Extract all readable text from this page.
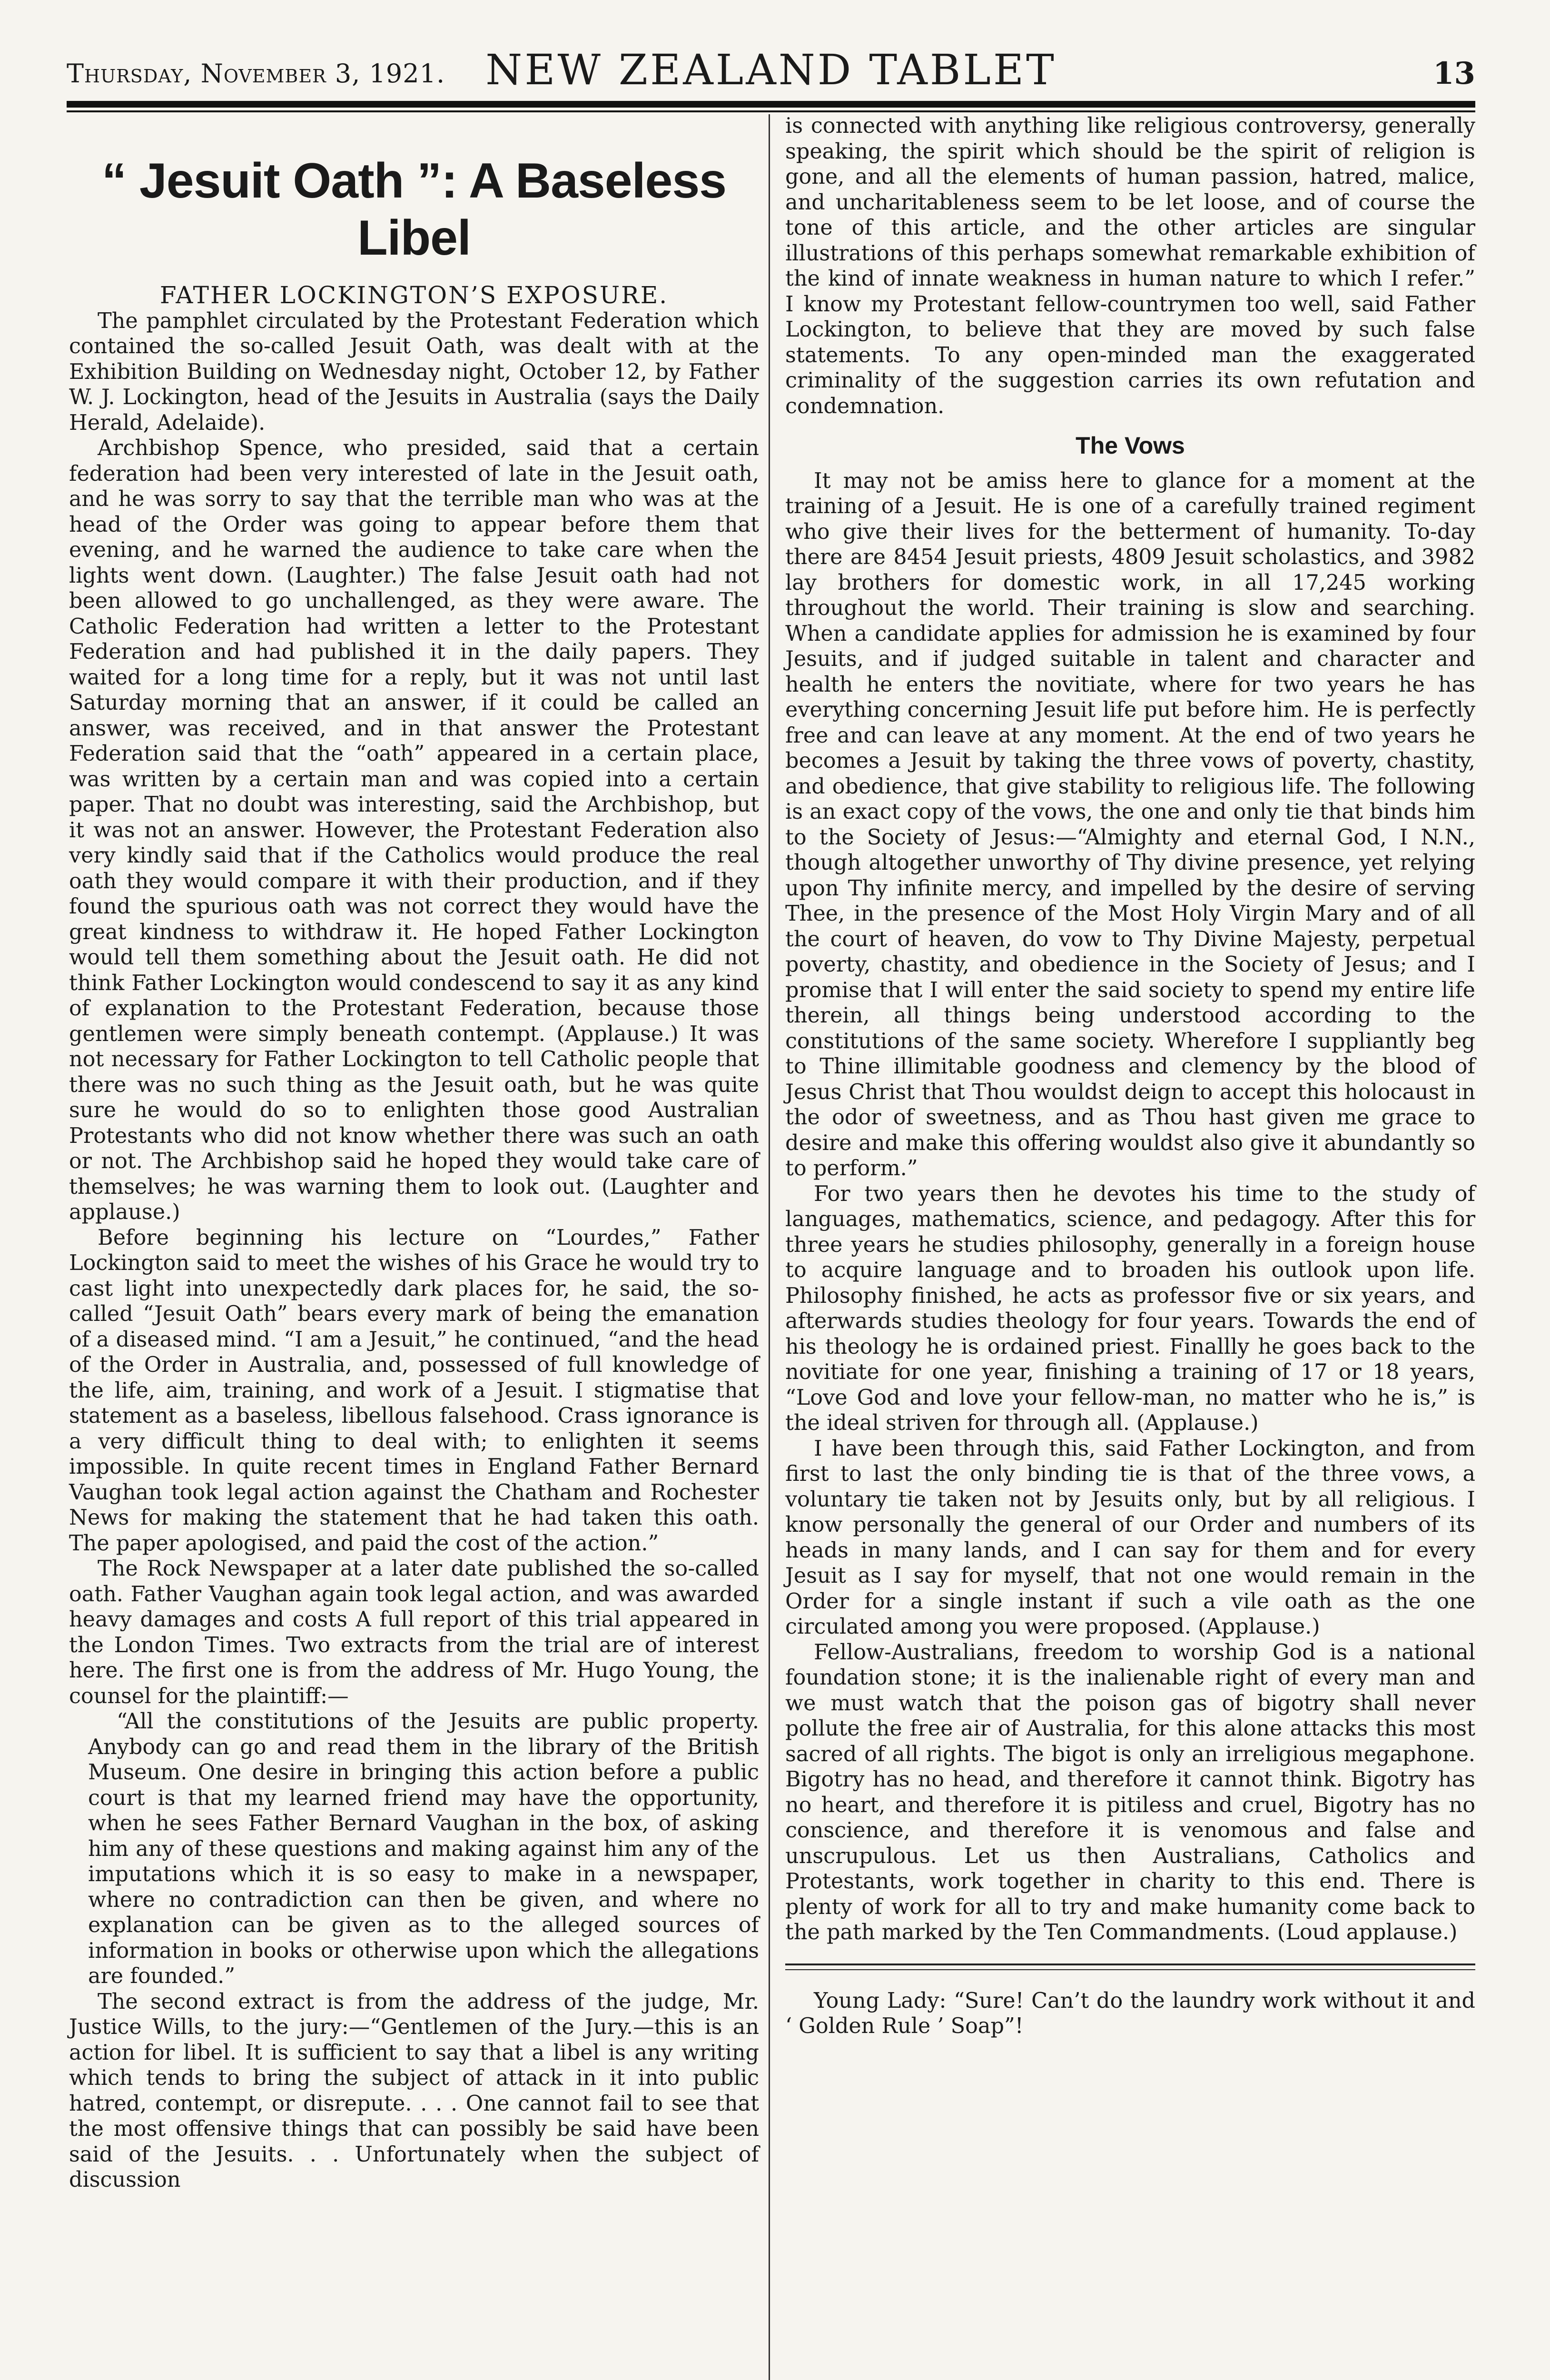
Thursday, November 3, 1921. NEW ZEALAND TABLET	13
“ Jesuit Oath ”: A Baseless Libel

FATHER LOCKINGTON’S EXPOSURE.

The pamphlet circulated by the Protestant Federation which contained the so-called Jesuit Oath, was dealt with at the Exhibition Building on Wednesday night, October 12, by Father W. J. Lockington, head of the Jesuits in Australia (says the Daily Herald, Adelaide).

Archbishop Spence, who presided, said that a certain federation had been very interested of late in the Jesuit oath, and he was sorry to say that the terrible man who was at the head of the Order was going to appear before them that evening, and he warned the audience to take care when the lights went down. (Laughter.) The false Jesuit oath had not been allowed to go unchallenged, as they were aware. The Catholic Federation had written a letter to the Protestant Federation and had published it in the daily papers. They waited for a long time for a reply, but it was not until last Saturday morning that an answer, if it could be called an answer, was received, and in that answer the Protestant Federation said that the “oath” appeared in a certain place, was written by a certain man and was copied into a certain paper. That no doubt was interesting, said the Archbishop, but it was not an answer. However, the Protestant Federation also very kindly said that if the Catholics would produce the real oath they would compare it with their production, and if they found the spurious oath was not correct they would have the great kindness to withdraw it. He hoped Father Lockington would tell them something about the Jesuit oath. He did not think Father Lockington would condescend to say it as any kind of explanation to the Protestant Federation, because those gentlemen were simply beneath contempt. (Applause.) It was not necessary for Father Lockington to tell Catholic people that there was no such thing as the Jesuit oath, but he was quite sure he would do so to enlighten those good Australian Protestants who did not know whether there was such an oath or not. The Archbishop said he hoped they would take care of themselves; he was warning them to look out. (Laughter and applause.)

Before beginning his lecture on “Lourdes,” Father Lockington said to meet the wishes of his Grace he would try to cast light into unexpectedly dark places for, he said, the so-called “Jesuit Oath” bears every mark of being the emanation of a diseased mind. “I am a Jesuit,” he continued, “and the head of the Order in Australia, and, possessed of full knowledge of the life, aim, training, and work of a Jesuit. I stigmatise that statement as a baseless, libellous falsehood. Crass ignorance is a very difficult thing to deal with; to enlighten it seems impossible. In quite recent times in England Father Bernard Vaughan took legal action against the Chatham and Rochester News for making the statement that he had taken this oath. The paper apologised, and paid the cost of the action.”

The Rock Newspaper at a later date published the so-called oath. Father Vaughan again took legal action, and was awarded heavy damages and costs A full report of this trial appeared in the London Times. Two extracts from the trial are of interest here. The first one is from the address of Mr. Hugo Young, the counsel for the plaintiff:—

“All the constitutions of the Jesuits are public property. Anybody can go and read them in the library of the British Museum. One desire in bringing this action before a public court is that my learned friend may have the opportunity, when he sees Father Bernard Vaughan in the box, of asking him any of these questions and making against him any of the imputations which it is so easy to make in a newspaper, where no contradiction can then be given, and where no explanation can be given as to the alleged sources of information in books or otherwise upon which the allegations are founded.”

The second extract is from the address of the judge, Mr. Justice Wills, to the jury:—“Gentlemen of the Jury.—this is an action for libel. It is sufficient to say that a libel is any writing which tends to bring the subject of attack in it into public hatred, contempt, or disrepute. . . . One cannot fail to see that the most offensive things that can possibly be said have been said of the Jesuits. . . Unfortunately when the subject of discussion

is connected with anything like religious controversy, generally speaking, the spirit which should be the spirit of religion is gone, and all the elements of human passion, hatred, malice, and uncharitableness seem to be let loose, and of course the tone of this article, and the other articles are singular illustrations of this perhaps somewhat remarkable exhibition of the kind of innate weakness in human nature to which I refer.” I know my Protestant fellow-countrymen too well, said Father Lockington, to believe that they are moved by such false statements. To any open-minded man the exaggerated criminality of the suggestion carries its own refutation and condemnation.

The Vows

It may not be amiss here to glance for a moment at the training of a Jesuit. He is one of a carefully trained regiment who give their lives for the betterment of humanity. To-day there are 8454 Jesuit priests, 4809 Jesuit scholastics, and 3982 lay brothers for domestic work, in all 17,245 working throughout the world. Their training is slow and searching. When a candidate applies for admission he is examined by four Jesuits, and if judged suitable in talent and character and health he enters the novitiate, where for two years he has everything concerning Jesuit life put before him. He is perfectly free and can leave at any moment. At the end of two years he becomes a Jesuit by taking the three vows of poverty, chastity, and obedience, that give stability to religious life. The following is an exact copy of the vows, the one and only tie that binds him to the Society of Jesus:—“Almighty and eternal God, I N.N., though altogether unworthy of Thy divine presence, yet relying upon Thy infinite mercy, and impelled by the desire of serving Thee, in the presence of the Most Holy Virgin Mary and of all the court of heaven, do vow to Thy Divine Majesty, perpetual poverty, chastity, and obedience in the Society of Jesus; and I promise that I will enter the said society to spend my entire life therein, all things being understood according to the constitutions of the same society. Wherefore I suppliantly beg to Thine illimitable goodness and clemency by the blood of Jesus Christ that Thou wouldst deign to accept this holocaust in the odor of sweetness, and as Thou hast given me grace to desire and make this offering wouldst also give it abundantly so to perform.”

For two years then he devotes his time to the study of languages, mathematics, science, and pedagogy. After this for three years he studies philosophy, generally in a foreign house to acquire language and to broaden his outlook upon life. Philosophy finished, he acts as professor five or six years, and afterwards studies theology for four years. Towards the end of his theology he is ordained priest. Finallly he goes back to the novitiate for one year, finishing a training of 17 or 18 years, “Love God and love your fellow-man, no matter who he is,” is the ideal striven for through all. (Applause.)

I have been through this, said Father Lockington, and from first to last the only binding tie is that of the three vows, a voluntary tie taken not by Jesuits only, but by all religious. I know personally the general of our Order and numbers of its heads in many lands, and I can say for them and for every Jesuit as I say for myself, that not one would remain in the Order for a single instant if such a vile oath as the one circulated among you were proposed. (Applause.)

Fellow-Australians, freedom to worship God is a national foundation stone; it is the inalienable right of every man and we must watch that the poison gas of bigotry shall never pollute the free air of Australia, for this alone attacks this most sacred of all rights. The bigot is only an irreligious megaphone. Bigotry has no head, and therefore it cannot think. Bigotry has no heart, and therefore it is pitiless and cruel, Bigotry has no conscience, and therefore it is venomous and false and unscrupulous. Let us then Australians, Catholics and Protestants, work together in charity to this end. There is plenty of work for all to try and make humanity come back to the path marked by the Ten Commandments. (Loud applause.)

Young Lady: “Sure! Can’t do the laundry work without it and ‘ Golden Rule ’ Soap”!
